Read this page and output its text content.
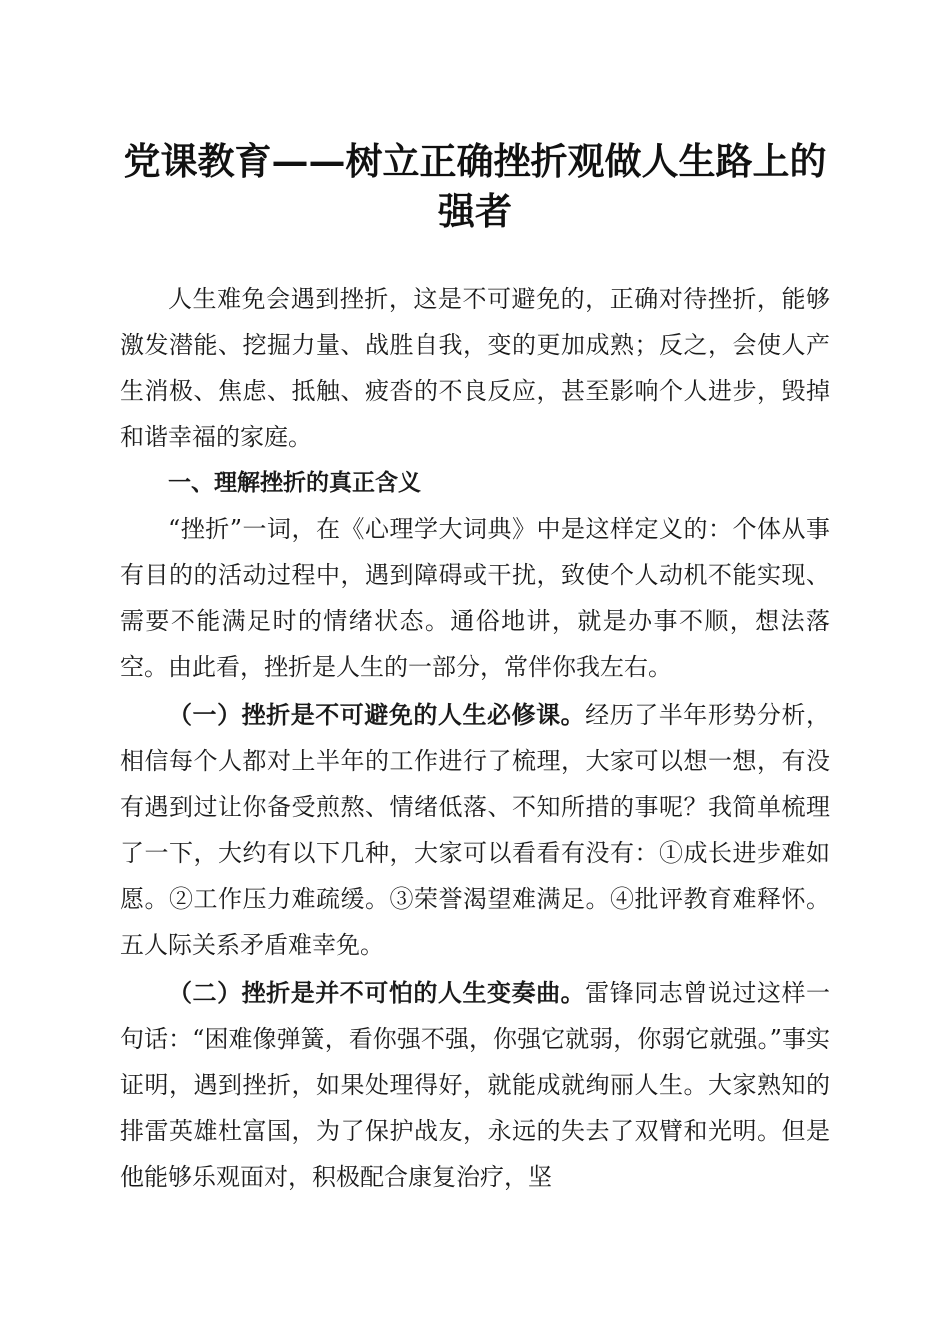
党课教育——树立正确挫折观做人生路上的强者

人生难免会遇到挫折，这是不可避免的，正确对待挫折，能够激发潜能、挖掘力量、战胜自我，变的更加成熟；反之，会使人产生消极、焦虑、抵触、疲沓的不良反应，甚至影响个人进步，毁掉和谐幸福的家庭。

一、理解挫折的真正含义

“挫折”一词，在《心理学大词典》中是这样定义的：个体从事有目的的活动过程中，遇到障碍或干扰，致使个人动机不能实现、需要不能满足时的情绪状态。通俗地讲，就是办事不顺，想法落空。由此看，挫折是人生的一部分，常伴你我左右。

（一）挫折是不可避免的人生必修课。经历了半年形势分析，相信每个人都对上半年的工作进行了梳理，大家可以想一想，有没有遇到过让你备受煎熬、情绪低落、不知所措的事呢？我简单梳理了一下，大约有以下几种，大家可以看看有没有：①成长进步难如愿。②工作压力难疏缓。③荣誉渴望难满足。④批评教育难释怀。五人际关系矛盾难幸免。

（二）挫折是并不可怕的人生变奏曲。雷锋同志曾说过这样一句话：“困难像弹簧，看你强不强，你强它就弱，你弱它就强。”事实证明，遇到挫折，如果处理得好，就能成就绚丽人生。大家熟知的排雷英雄杜富国，为了保护战友，永远的失去了双臂和光明。但是他能够乐观面对，积极配合康复治疗，坚
